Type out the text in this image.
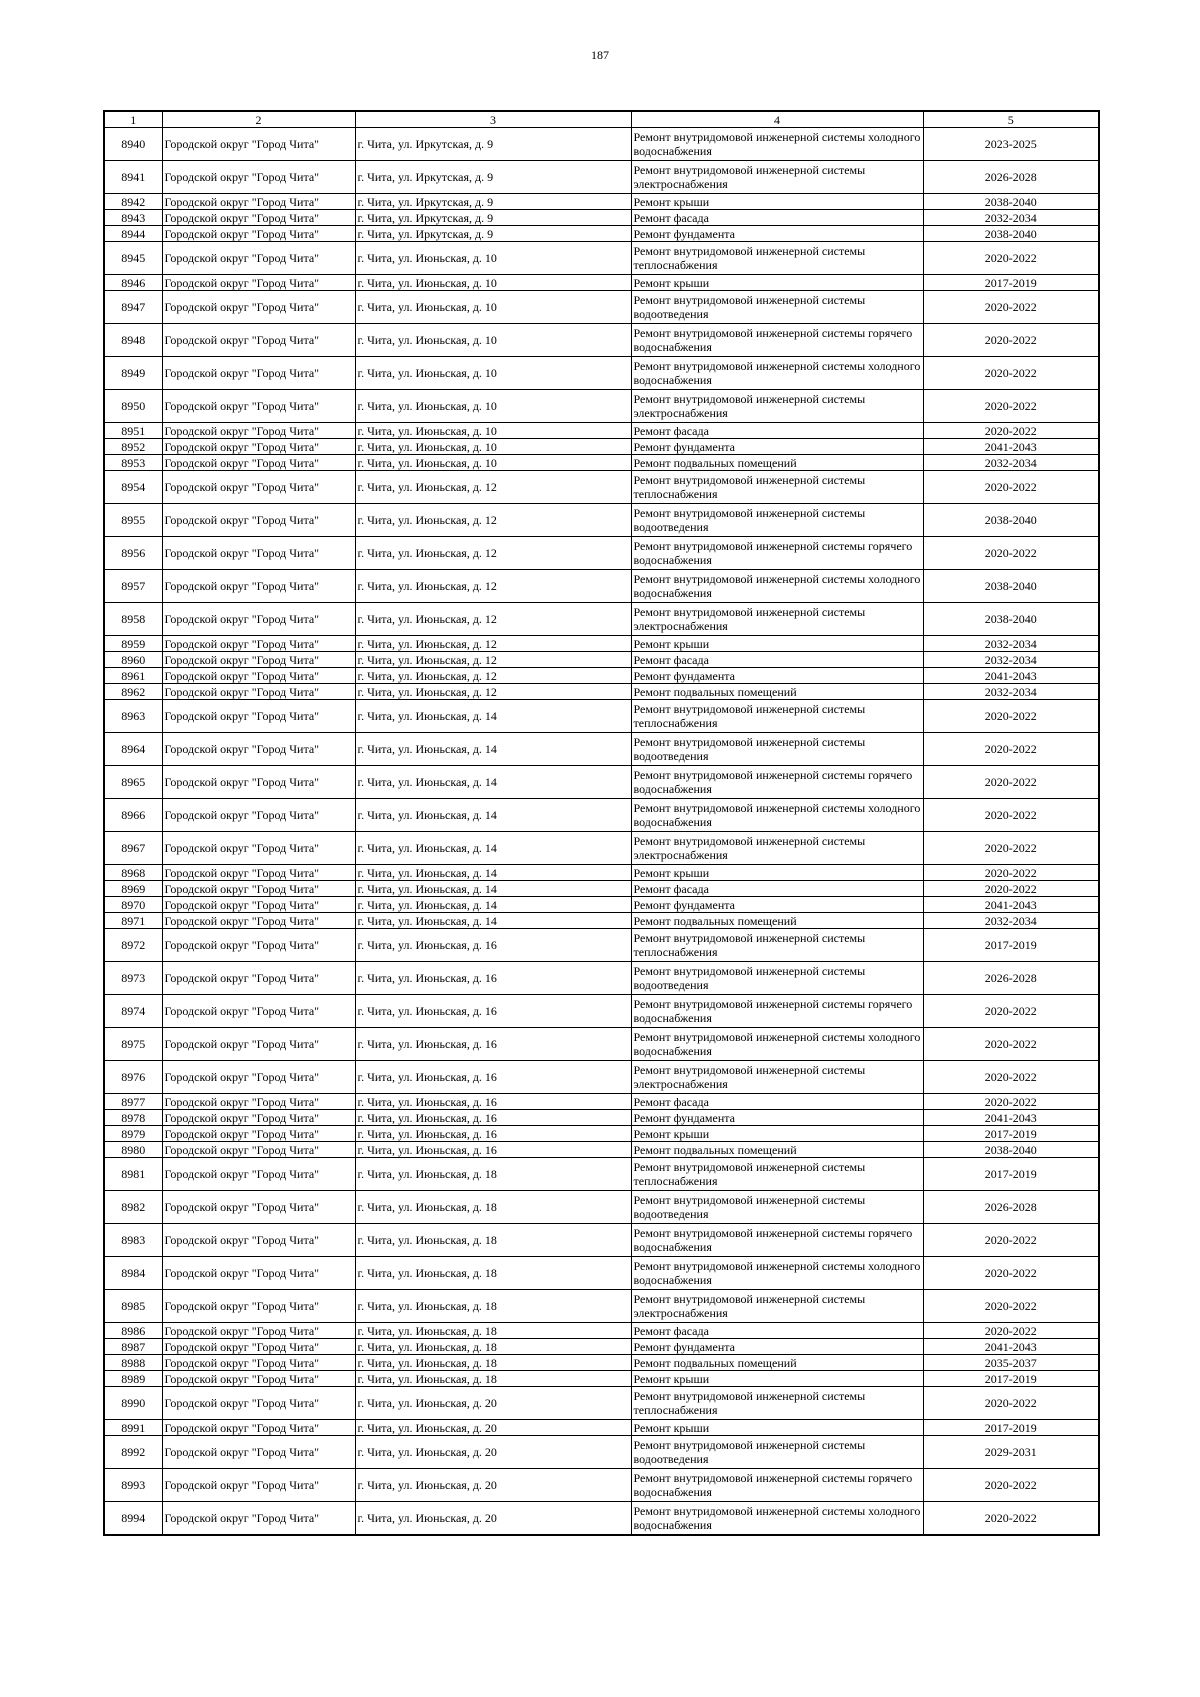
187
1	2	3	4	5
8940	Городской округ "Город Чита"	г. Чита, ул. Иркутская, д. 9	Ремонт внутридомовой инженерной системы холодного водоснабжения	2023-2025
8941	Городской округ "Город Чита"	г. Чита, ул. Иркутская, д. 9	Ремонт внутридомовой инженерной системы электроснабжения	2026-2028
8942	Городской округ "Город Чита"	г. Чита, ул. Иркутская, д. 9	Ремонт крыши	2038-2040
8943	Городской округ "Город Чита"	г. Чита, ул. Иркутская, д. 9	Ремонт фасада	2032-2034
8944	Городской округ "Город Чита"	г. Чита, ул. Иркутская, д. 9	Ремонт фундамента	2038-2040
8945	Городской округ "Город Чита"	г. Чита, ул. Июньская, д. 10	Ремонт внутридомовой инженерной системы теплоснабжения	2020-2022
8946	Городской округ "Город Чита"	г. Чита, ул. Июньская, д. 10	Ремонт крыши	2017-2019
8947	Городской округ "Город Чита"	г. Чита, ул. Июньская, д. 10	Ремонт внутридомовой инженерной системы водоотведения	2020-2022
8948	Городской округ "Город Чита"	г. Чита, ул. Июньская, д. 10	Ремонт внутридомовой инженерной системы горячего водоснабжения	2020-2022
8949	Городской округ "Город Чита"	г. Чита, ул. Июньская, д. 10	Ремонт внутридомовой инженерной системы холодного водоснабжения	2020-2022
8950	Городской округ "Город Чита"	г. Чита, ул. Июньская, д. 10	Ремонт внутридомовой инженерной системы электроснабжения	2020-2022
8951	Городской округ "Город Чита"	г. Чита, ул. Июньская, д. 10	Ремонт фасада	2020-2022
8952	Городской округ "Город Чита"	г. Чита, ул. Июньская, д. 10	Ремонт фундамента	2041-2043
8953	Городской округ "Город Чита"	г. Чита, ул. Июньская, д. 10	Ремонт подвальных помещений	2032-2034
8954	Городской округ "Город Чита"	г. Чита, ул. Июньская, д. 12	Ремонт внутридомовой инженерной системы теплоснабжения	2020-2022
8955	Городской округ "Город Чита"	г. Чита, ул. Июньская, д. 12	Ремонт внутридомовой инженерной системы водоотведения	2038-2040
8956	Городской округ "Город Чита"	г. Чита, ул. Июньская, д. 12	Ремонт внутридомовой инженерной системы горячего водоснабжения	2020-2022
8957	Городской округ "Город Чита"	г. Чита, ул. Июньская, д. 12	Ремонт внутридомовой инженерной системы холодного водоснабжения	2038-2040
8958	Городской округ "Город Чита"	г. Чита, ул. Июньская, д. 12	Ремонт внутридомовой инженерной системы электроснабжения	2038-2040
8959	Городской округ "Город Чита"	г. Чита, ул. Июньская, д. 12	Ремонт крыши	2032-2034
8960	Городской округ "Город Чита"	г. Чита, ул. Июньская, д. 12	Ремонт фасада	2032-2034
8961	Городской округ "Город Чита"	г. Чита, ул. Июньская, д. 12	Ремонт фундамента	2041-2043
8962	Городской округ "Город Чита"	г. Чита, ул. Июньская, д. 12	Ремонт подвальных помещений	2032-2034
8963	Городской округ "Город Чита"	г. Чита, ул. Июньская, д. 14	Ремонт внутридомовой инженерной системы теплоснабжения	2020-2022
8964	Городской округ "Город Чита"	г. Чита, ул. Июньская, д. 14	Ремонт внутридомовой инженерной системы водоотведения	2020-2022
8965	Городской округ "Город Чита"	г. Чита, ул. Июньская, д. 14	Ремонт внутридомовой инженерной системы горячего водоснабжения	2020-2022
8966	Городской округ "Город Чита"	г. Чита, ул. Июньская, д. 14	Ремонт внутридомовой инженерной системы холодного водоснабжения	2020-2022
8967	Городской округ "Город Чита"	г. Чита, ул. Июньская, д. 14	Ремонт внутридомовой инженерной системы электроснабжения	2020-2022
8968	Городской округ "Город Чита"	г. Чита, ул. Июньская, д. 14	Ремонт крыши	2020-2022
8969	Городской округ "Город Чита"	г. Чита, ул. Июньская, д. 14	Ремонт фасада	2020-2022
8970	Городской округ "Город Чита"	г. Чита, ул. Июньская, д. 14	Ремонт фундамента	2041-2043
8971	Городской округ "Город Чита"	г. Чита, ул. Июньская, д. 14	Ремонт подвальных помещений	2032-2034
8972	Городской округ "Город Чита"	г. Чита, ул. Июньская, д. 16	Ремонт внутридомовой инженерной системы теплоснабжения	2017-2019
8973	Городской округ "Город Чита"	г. Чита, ул. Июньская, д. 16	Ремонт внутридомовой инженерной системы водоотведения	2026-2028
8974	Городской округ "Город Чита"	г. Чита, ул. Июньская, д. 16	Ремонт внутридомовой инженерной системы горячего водоснабжения	2020-2022
8975	Городской округ "Город Чита"	г. Чита, ул. Июньская, д. 16	Ремонт внутридомовой инженерной системы холодного водоснабжения	2020-2022
8976	Городской округ "Город Чита"	г. Чита, ул. Июньская, д. 16	Ремонт внутридомовой инженерной системы электроснабжения	2020-2022
8977	Городской округ "Город Чита"	г. Чита, ул. Июньская, д. 16	Ремонт фасада	2020-2022
8978	Городской округ "Город Чита"	г. Чита, ул. Июньская, д. 16	Ремонт фундамента	2041-2043
8979	Городской округ "Город Чита"	г. Чита, ул. Июньская, д. 16	Ремонт крыши	2017-2019
8980	Городской округ "Город Чита"	г. Чита, ул. Июньская, д. 16	Ремонт подвальных помещений	2038-2040
8981	Городской округ "Город Чита"	г. Чита, ул. Июньская, д. 18	Ремонт внутридомовой инженерной системы теплоснабжения	2017-2019
8982	Городской округ "Город Чита"	г. Чита, ул. Июньская, д. 18	Ремонт внутридомовой инженерной системы водоотведения	2026-2028
8983	Городской округ "Город Чита"	г. Чита, ул. Июньская, д. 18	Ремонт внутридомовой инженерной системы горячего водоснабжения	2020-2022
8984	Городской округ "Город Чита"	г. Чита, ул. Июньская, д. 18	Ремонт внутридомовой инженерной системы холодного водоснабжения	2020-2022
8985	Городской округ "Город Чита"	г. Чита, ул. Июньская, д. 18	Ремонт внутридомовой инженерной системы электроснабжения	2020-2022
8986	Городской округ "Город Чита"	г. Чита, ул. Июньская, д. 18	Ремонт фасада	2020-2022
8987	Городской округ "Город Чита"	г. Чита, ул. Июньская, д. 18	Ремонт фундамента	2041-2043
8988	Городской округ "Город Чита"	г. Чита, ул. Июньская, д. 18	Ремонт подвальных помещений	2035-2037
8989	Городской округ "Город Чита"	г. Чита, ул. Июньская, д. 18	Ремонт крыши	2017-2019
8990	Городской округ "Город Чита"	г. Чита, ул. Июньская, д. 20	Ремонт внутридомовой инженерной системы теплоснабжения	2020-2022
8991	Городской округ "Город Чита"	г. Чита, ул. Июньская, д. 20	Ремонт крыши	2017-2019
8992	Городской округ "Город Чита"	г. Чита, ул. Июньская, д. 20	Ремонт внутридомовой инженерной системы водоотведения	2029-2031
8993	Городской округ "Город Чита"	г. Чита, ул. Июньская, д. 20	Ремонт внутридомовой инженерной системы горячего водоснабжения	2020-2022
8994	Городской округ "Город Чита"	г. Чита, ул. Июньская, д. 20	Ремонт внутридомовой инженерной системы холодного водоснабжения	2020-2022
